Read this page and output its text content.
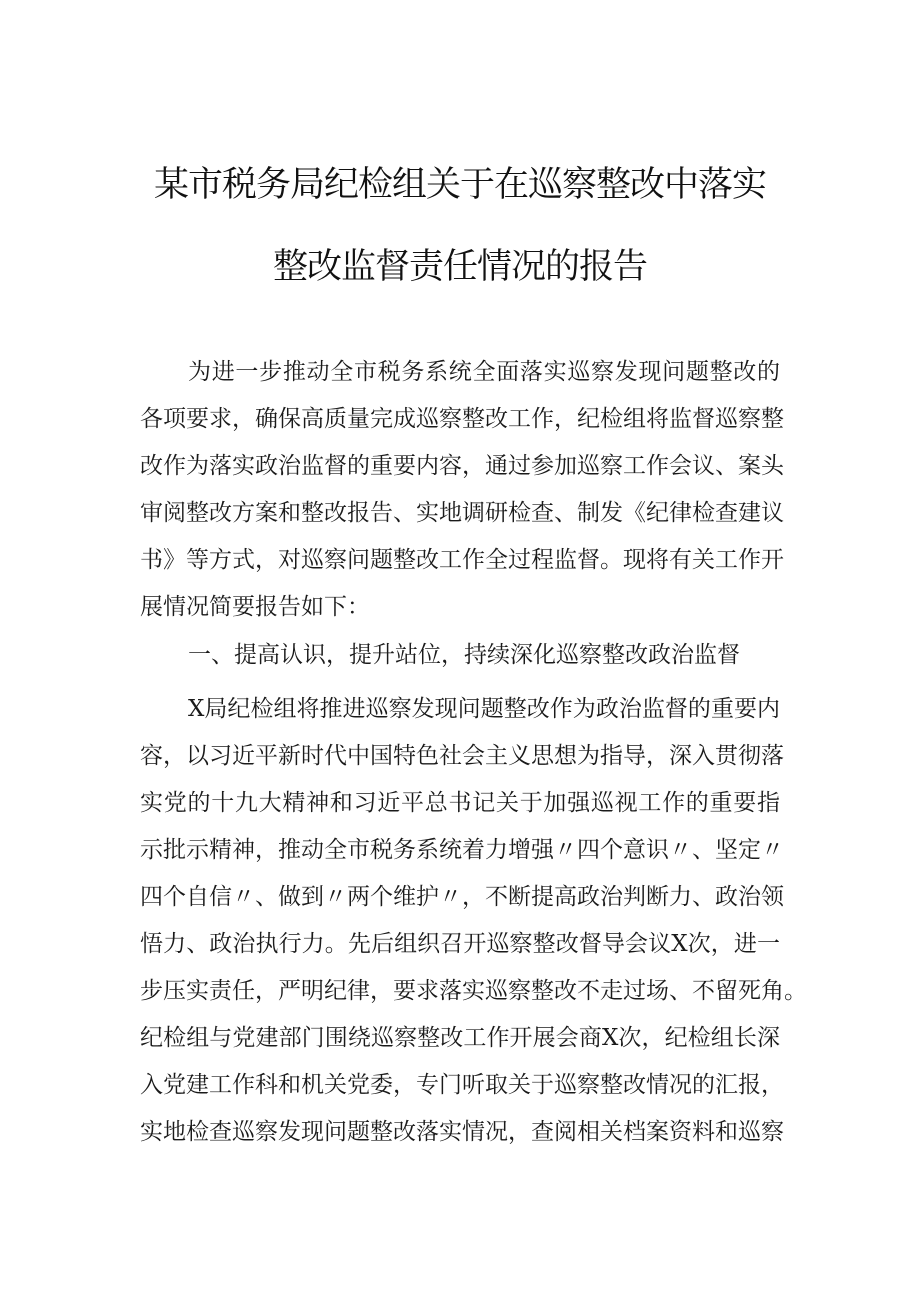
某市税务局纪检组关于在巡察整改中落实
整改监督责任情况的报告
为进一步推动全市税务系统全面落实巡察发现问题整改的
各项要求，确保高质量完成巡察整改工作，纪检组将监督巡察整
改作为落实政治监督的重要内容，通过参加巡察工作会议、案头
审阅整改方案和整改报告、实地调研检查、制发《纪律检查建议
书》等方式，对巡察问题整改工作全过程监督。现将有关工作开
展情况简要报告如下：
一、提高认识，提升站位，持续深化巡察整改政治监督
X局纪检组将推进巡察发现问题整改作为政治监督的重要内
容，以习近平新时代中国特色社会主义思想为指导，深入贯彻落
实党的十九大精神和习近平总书记关于加强巡视工作的重要指
示批示精神，推动全市税务系统着力增强〃四个意识〃、坚定〃
四个自信〃、做到〃两个维护〃，不断提高政治判断力、政治领
悟力、政治执行力。先后组织召开巡察整改督导会议X次，进一
步压实责任，严明纪律，要求落实巡察整改不走过场、不留死角。
纪检组与党建部门围绕巡察整改工作开展会商X次，纪检组长深
入党建工作科和机关党委，专门听取关于巡察整改情况的汇报，
实地检查巡察发现问题整改落实情况，查阅相关档案资料和巡察
